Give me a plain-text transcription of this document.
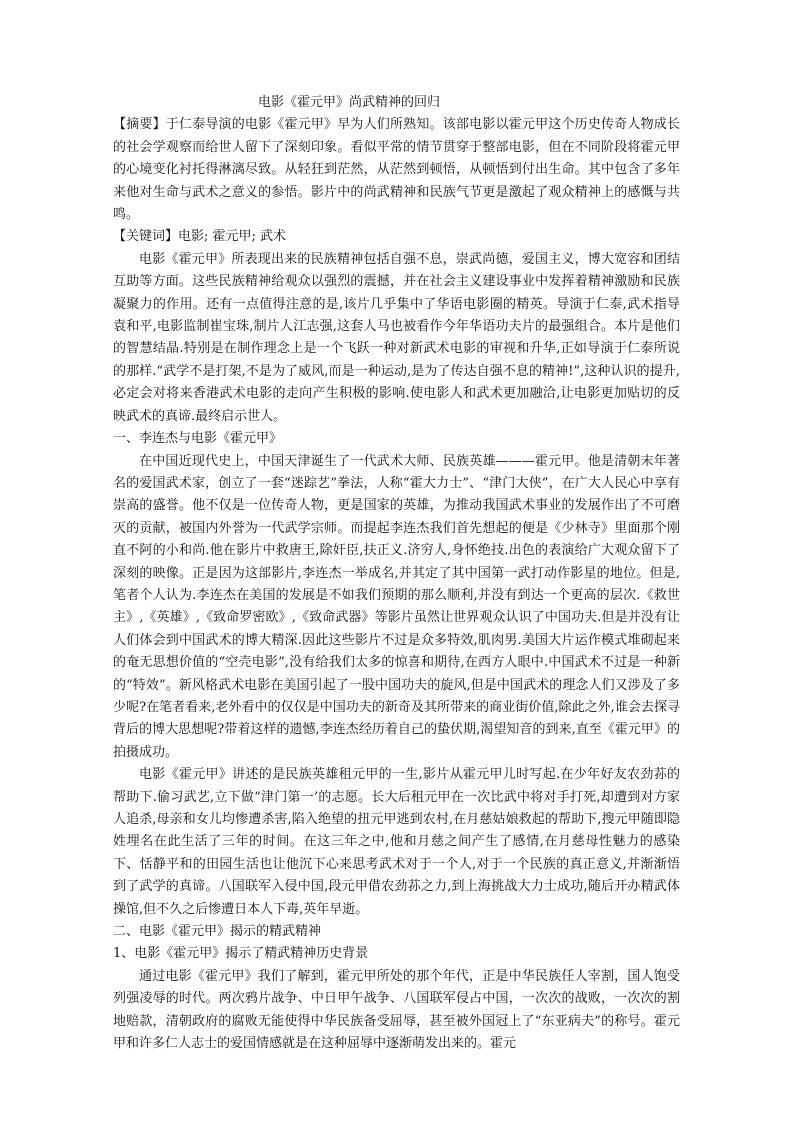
电影《霍元甲》尚武精神的回归

【摘要】于仁泰导演的电影《霍元甲》早为人们所熟知。该部电影以霍元甲这个历史传奇人物成长的社会学观察而给世人留下了深刻印象。看似平常的情节贯穿于整部电影，但在不同阶段将霍元甲的心境变化衬托得淋漓尽致。从轻狂到茫然，从茫然到顿悟，从顿悟到付出生命。其中包含了多年来他对生命与武术之意义的参悟。影片中的尚武精神和民族气节更是激起了观众精神上的感慨与共鸣。

【关键词】电影; 霍元甲; 武术

电影《霍元甲》所表现出来的民族精神包括自强不息，崇武尚德，爱国主义，博大宽容和团结互助等方面。这些民族精神给观众以强烈的震撼，并在社会主义建设事业中发挥着精神激励和民族凝聚力的作用。还有一点值得注意的是,该片几乎集中了华语电影圈的精英。导演于仁泰,武术指导袁和平,电影监制崔宝珠,制片人江志强,这套人马也被看作今年华语功夫片的最强组合。本片是他们的智慧结晶.特别是在制作理念上是一个飞跃一种对新武术电影的审视和升华,正如导演于仁泰所说的那样.“武学不是打架,不是为了威风,而是一种运动,是为了传达自强不息的精神!”,这种认识的提升,必定会对将来香港武术电影的走向产生积极的影响.使电影人和武术更加融洽,让电影更加贴切的反映武术的真谛.最终启示世人。

一、李连杰与电影《霍元甲》

在中国近现代史上，中国天津诞生了一代武术大师、民族英雄———霍元甲。他是清朝末年著名的爱国武术家，创立了一套“迷踪艺”拳法，人称“霍大力士”、“津门大侠”，在广大人民心中享有崇高的盛誉。他不仅是一位传奇人物，更是国家的英雄，为推动我国武术事业的发展作出了不可磨灭的贡献，被国内外誉为一代武学宗师。而提起李连杰我们首先想起的便是《少林寺》里面那个刚直不阿的小和尚.他在影片中救唐王,除奸臣,扶正义.济穷人,身怀绝技.出色的表演给广大观众留下了深刻的映像。正是因为这部影片,李连杰一举成名,并其定了其中国第一武打动作影星的地位。但是,笔者个人认为.李连杰在美国的发展是不如我们预期的那么顺利,并没有到达一个更高的层次.《救世主》,《英雄》,《致命罗密欧》,《致命武器》等影片虽然让世界观众认识了中国功夫.但是并没有让人们体会到中国武术的博大精深.因此这些影片不过是众多特效,肌肉男.美国大片运作模式堆砌起来的奄无思想价值的“空壳电影”,没有给我们太多的惊喜和期待,在西方人眼中.中国武术不过是一种新的“特效”。新风格武术电影在美国引起了一股中国功夫的旋风,但是中国武术的理念人们又涉及了多少呢?在笔者看来,老外看中的仅仅是中国功夫的新奇及其所带来的商业街价值,除此之外,谁会去探寻背后的博大思想呢?带着这样的遗憾,李连杰经历着自己的蛰伏期,渴望知音的到来,直至《霍元甲》的拍摄成功。

电影《霍元甲》讲述的是民族英雄租元甲的一生,影片从霍元甲儿时写起.在少年好友农劲荪的帮助下.偷习武艺,立下做“津门第一’的志愿。长大后租元甲在一次比武中将对手打死,却遭到对方家人追杀,母亲和女儿均惨遭杀害,陷入绝望的扭元甲逃到农村,在月慈姑娘救起的帮助下,搜元甲随即隐姓埋名在此生活了三年的时间。在这三年之中,他和月慈之间产生了感情,在月慈母性魅力的感染下、恬静平和的田园生活也让他沉下心来思考武术对于一个人,对于一个民族的真正意义,并渐渐悟到了武学的真谛。八国联军入侵中国,段元甲借农劲荪之力,到上海挑战大力士成功,随后开办精武体操馆,但不久之后惨遭日本人下毒,英年早逝。

二、电影《霍元甲》揭示的精武精神

1、电影《霍元甲》揭示了精武精神历史背景

通过电影《霍元甲》我们了解到，霍元甲所处的那个年代，正是中华民族任人宰割，国人饱受列强凌辱的时代。两次鸦片战争、中日甲午战争、八国联军侵占中国，一次次的战败，一次次的割地赔款，清朝政府的腐败无能使得中华民族备受屈辱，甚至被外国冠上了“东亚病夫”的称号。霍元甲和许多仁人志士的爱国情感就是在这种屈辱中逐渐萌发出来的。霍元
